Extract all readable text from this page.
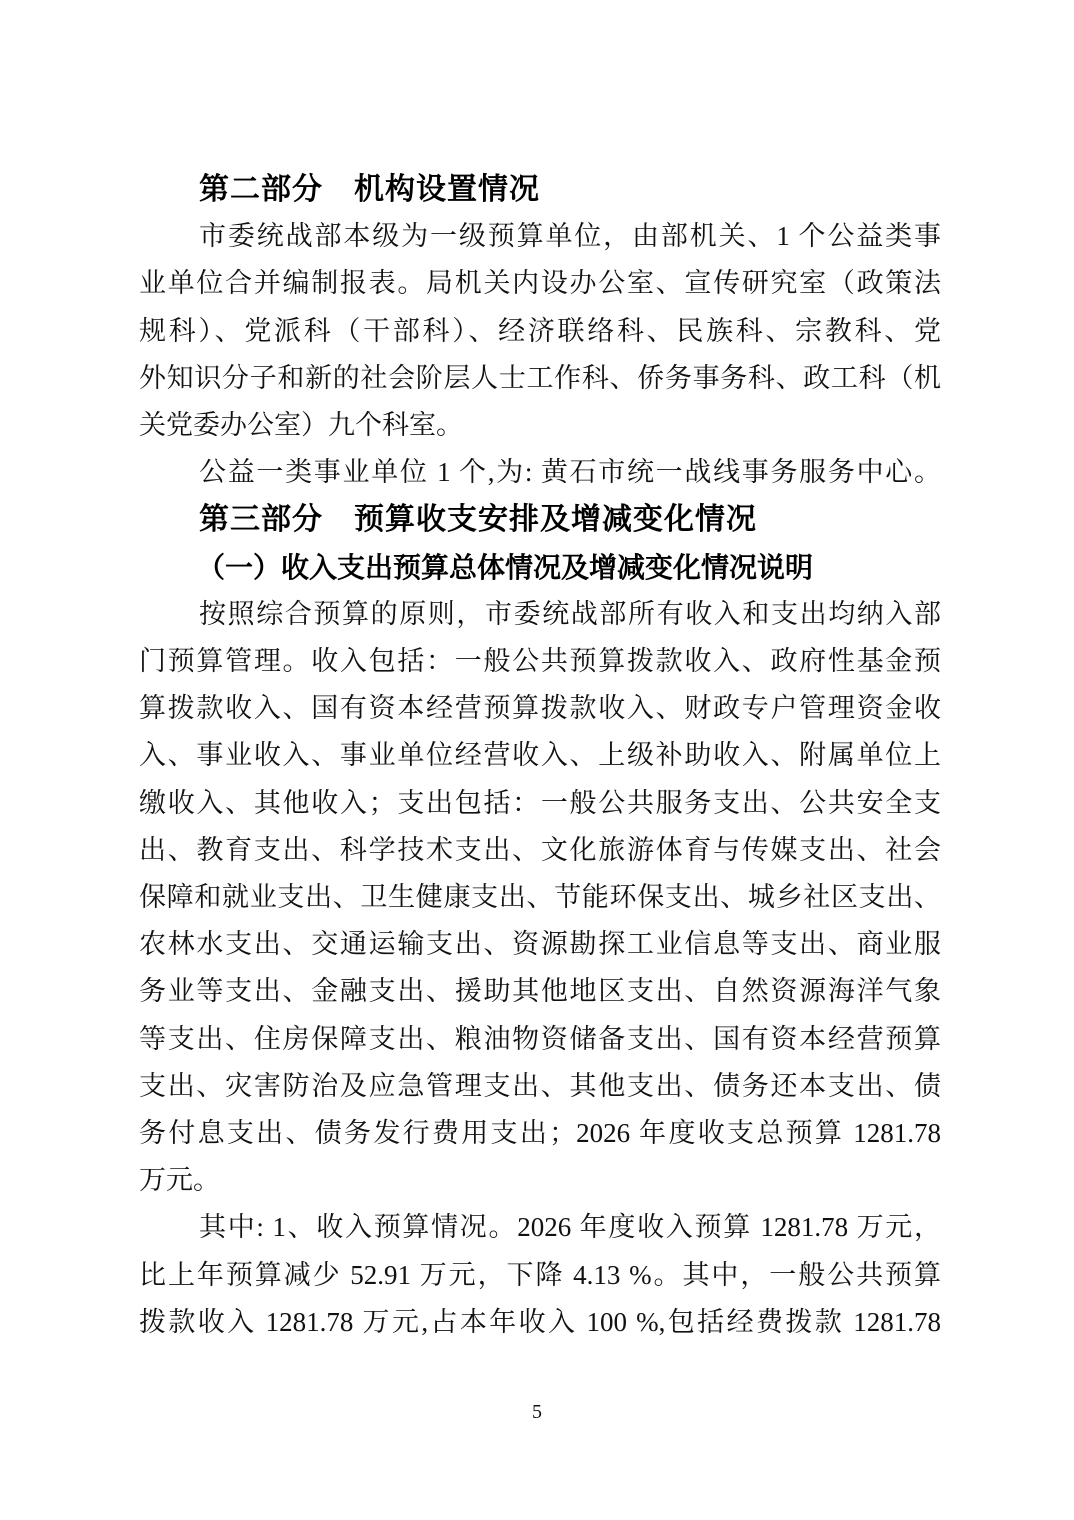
第二部分　机构设置情况
市委统战部本级为一级预算单位，由部机关、1 个公益类事
业单位合并编制报表。局机关内设办公室、宣传研究室（政策法
规科）、党派科（干部科）、经济联络科、民族科、宗教科、党
外知识分子和新的社会阶层人士工作科、侨务事务科、政工科（机
关党委办公室）九个科室。
公益一类事业单位 1 个,为: 黄石市统一战线事务服务中心。
第三部分　预算收支安排及增减变化情况
（一）收入支出预算总体情况及增减变化情况说明
按照综合预算的原则，市委统战部所有收入和支出均纳入部
门预算管理。收入包括：一般公共预算拨款收入、政府性基金预
算拨款收入、国有资本经营预算拨款收入、财政专户管理资金收
入、事业收入、事业单位经营收入、上级补助收入、附属单位上
缴收入、其他收入；支出包括：一般公共服务支出、公共安全支
出、教育支出、科学技术支出、文化旅游体育与传媒支出、社会
保障和就业支出、卫生健康支出、节能环保支出、城乡社区支出、
农林水支出、交通运输支出、资源勘探工业信息等支出、商业服
务业等支出、金融支出、援助其他地区支出、自然资源海洋气象
等支出、住房保障支出、粮油物资储备支出、国有资本经营预算
支出、灾害防治及应急管理支出、其他支出、债务还本支出、债
务付息支出、债务发行费用支出；2026 年度收支总预算 1281.78
万元。
其中: 1、收入预算情况。2026 年度收入预算 1281.78 万元，
比上年预算减少 52.91 万元，下降 4.13 %。其中，一般公共预算
拨款收入 1281.78 万元,占本年收入 100 %,包括经费拨款 1281.78
5
